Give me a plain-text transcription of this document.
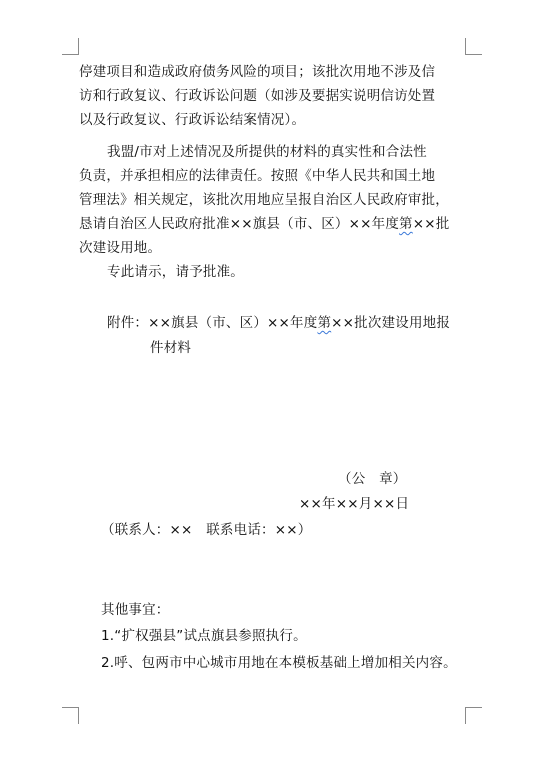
停建项目和造成政府债务风险的项目；该批次用地不涉及信
访和行政复议、行政诉讼问题（如涉及要据实说明信访处置
以及行政复议、行政诉讼结案情况）。
我盟/市对上述情况及所提供的材料的真实性和合法性
负责，并承担相应的法律责任。按照《中华人民共和国土地
管理法》相关规定，该批次用地应呈报自治区人民政府审批，
恳请自治区人民政府批准××旗县（市、区）××年度第××批
次建设用地。
专此请示，请予批准。
附件：××旗县（市、区）××年度第××批次建设用地报
件材料
（公　章）
××年××月××日
（联系人：××　联系电话：××）
其他事宜：
1.“扩权强县”试点旗县参照执行。
2.呼、包两市中心城市用地在本模板基础上增加相关内容。
